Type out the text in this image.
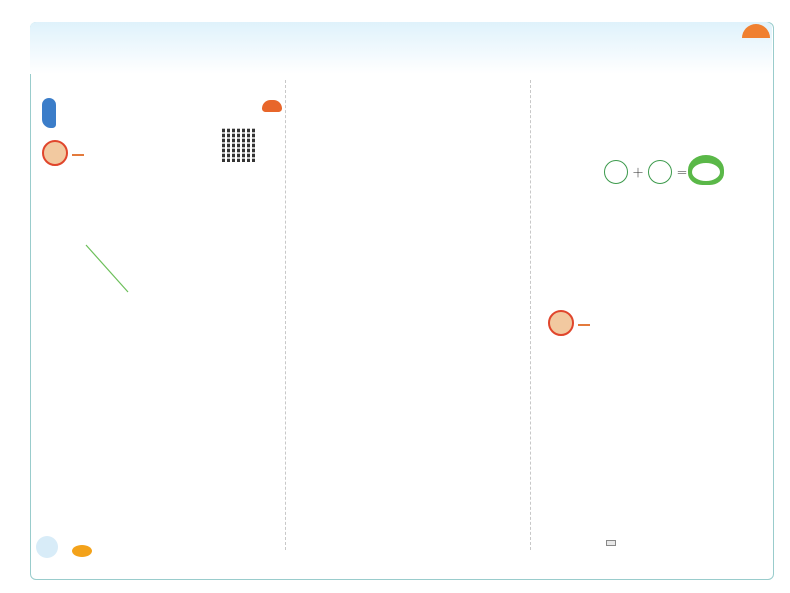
＋	＝
